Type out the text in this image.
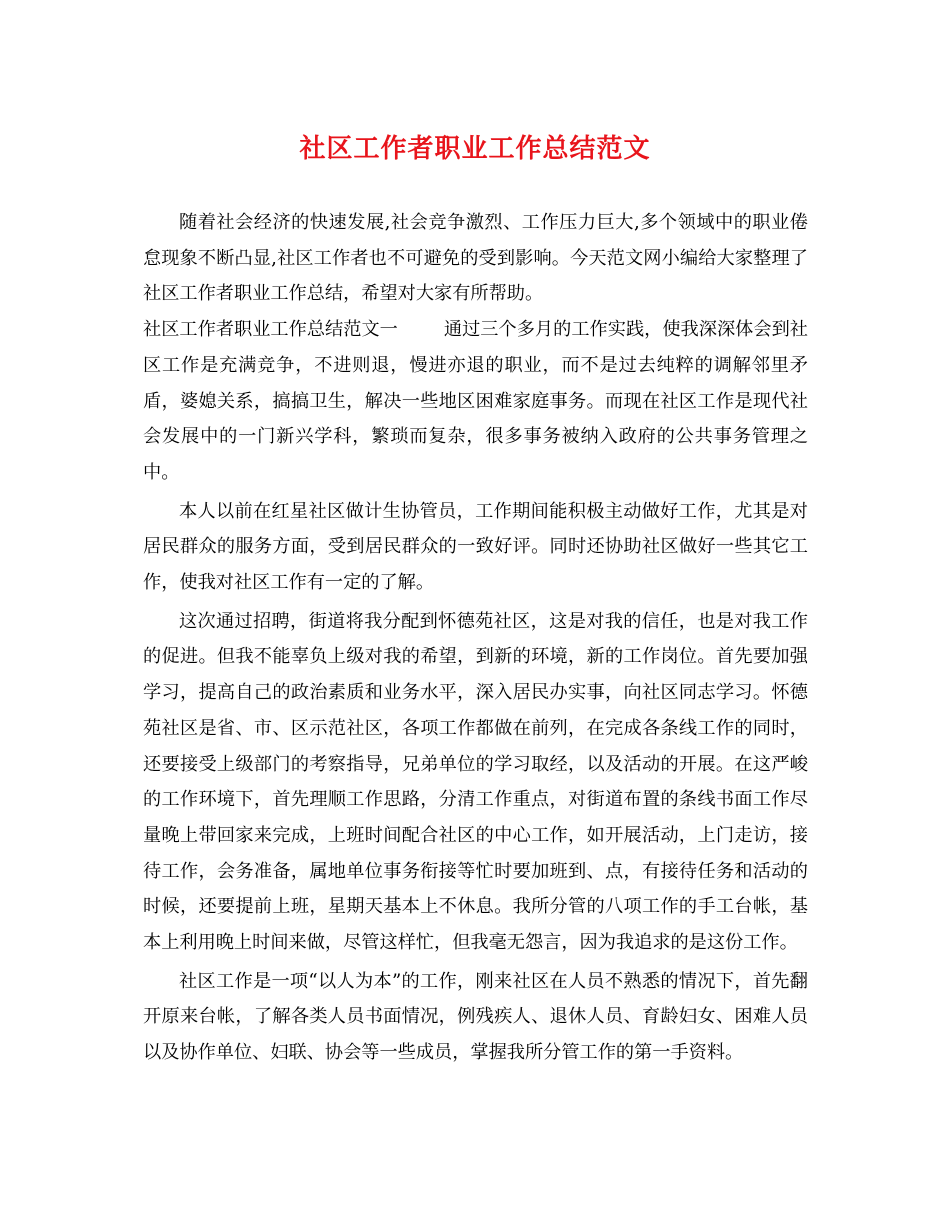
社区工作者职业工作总结范文

随着社会经济的快速发展,社会竞争激烈、工作压力巨大,多个领域中的职业倦怠现象不断凸显,社区工作者也不可避免的受到影响。今天范文网小编给大家整理了社区工作者职业工作总结，希望对大家有所帮助。

社区工作者职业工作总结范文一	通过三个多月的工作实践，使我深深体会到社区工作是充满竞争，不进则退，慢进亦退的职业，而不是过去纯粹的调解邻里矛盾，婆媳关系，搞搞卫生，解决一些地区困难家庭事务。而现在社区工作是现代社会发展中的一门新兴学科，繁琐而复杂，很多事务被纳入政府的公共事务管理之中。

本人以前在红星社区做计生协管员，工作期间能积极主动做好工作，尤其是对居民群众的服务方面，受到居民群众的一致好评。同时还协助社区做好一些其它工作，使我对社区工作有一定的了解。

这次通过招聘，街道将我分配到怀德苑社区，这是对我的信任，也是对我工作的促进。但我不能辜负上级对我的希望，到新的环境，新的工作岗位。首先要加强学习，提高自己的政治素质和业务水平，深入居民办实事，向社区同志学习。怀德苑社区是省、市、区示范社区，各项工作都做在前列，在完成各条线工作的同时，还要接受上级部门的考察指导，兄弟单位的学习取经，以及活动的开展。在这严峻的工作环境下，首先理顺工作思路，分清工作重点，对街道布置的条线书面工作尽量晚上带回家来完成，上班时间配合社区的中心工作，如开展活动，上门走访，接待工作，会务准备，属地单位事务衔接等忙时要加班到、点，有接待任务和活动的时候，还要提前上班，星期天基本上不休息。我所分管的八项工作的手工台帐，基本上利用晚上时间来做，尽管这样忙，但我毫无怨言，因为我追求的是这份工作。

社区工作是一项“以人为本”的工作，刚来社区在人员不熟悉的情况下，首先翻开原来台帐，了解各类人员书面情况，例残疾人、退休人员、育龄妇女、困难人员以及协作单位、妇联、协会等一些成员，掌握我所分管工作的第一手资料。
